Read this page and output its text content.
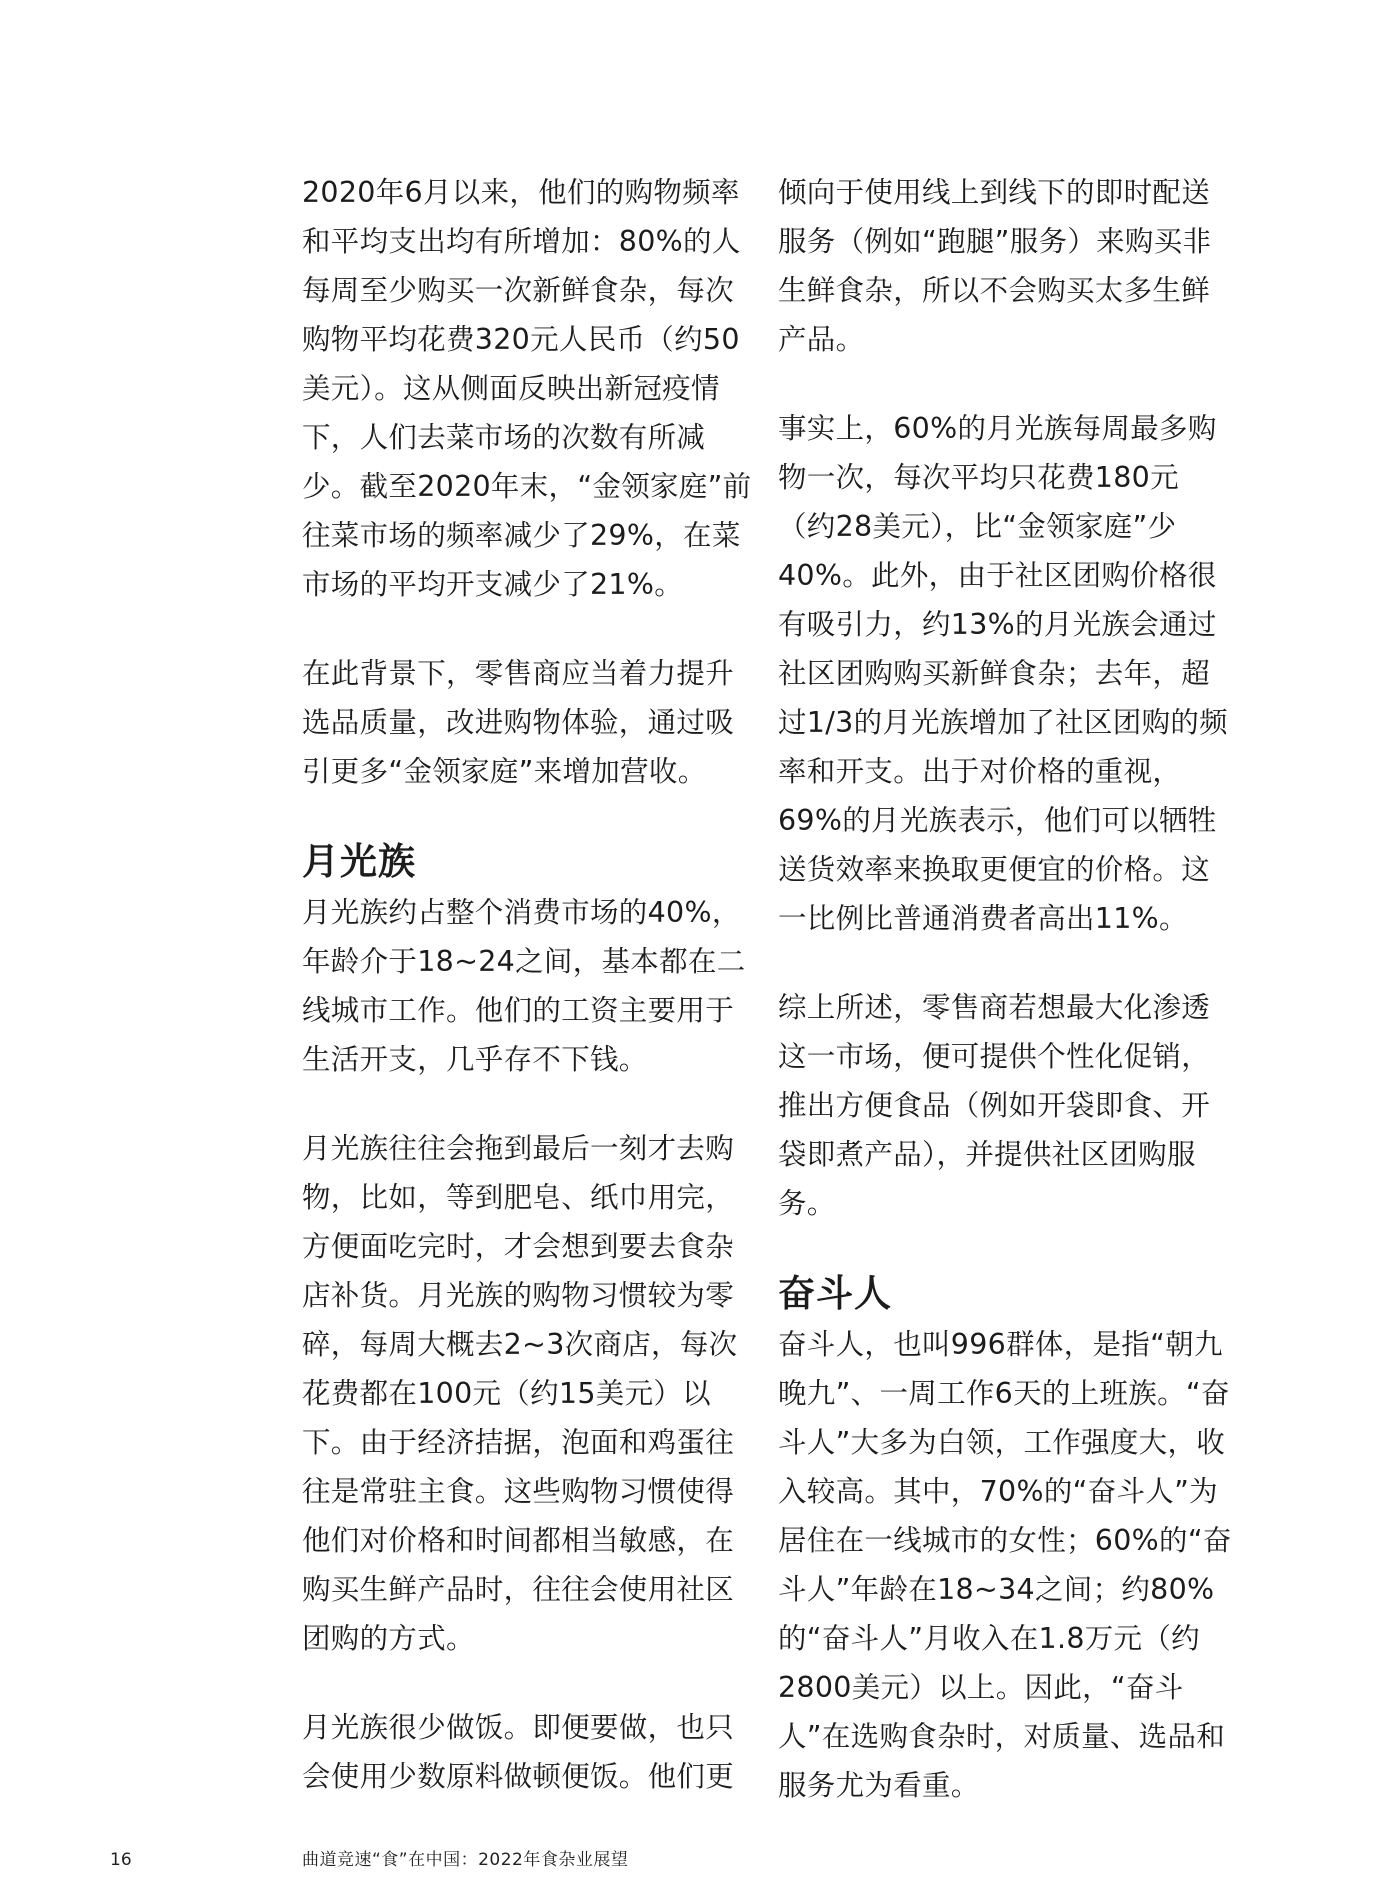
2020年6月以来，他们的购物频率和平均支出均有所增加：80%的人每周至少购买一次新鲜食杂，每次购物平均花费320元人民币（约50美元）。这从侧面反映出新冠疫情下，人们去菜市场的次数有所减少。截至2020年末，“金领家庭”前往菜市场的频率减少了29%，在菜市场的平均开支减少了21%。

在此背景下，零售商应当着力提升选品质量，改进购物体验，通过吸引更多“金领家庭”来增加营收。

月光族

月光族约占整个消费市场的40%，年龄介于18~24之间，基本都在二线城市工作。他们的工资主要用于生活开支，几乎存不下钱。

月光族往往会拖到最后一刻才去购物，比如，等到肥皂、纸巾用完，方便面吃完时，才会想到要去食杂店补货。月光族的购物习惯较为零碎，每周大概去2~3次商店，每次花费都在100元（约15美元）以下。由于经济拮据，泡面和鸡蛋往往是常驻主食。这些购物习惯使得他们对价格和时间都相当敏感，在购买生鲜产品时，往往会使用社区团购的方式。

月光族很少做饭。即便要做，也只会使用少数原料做顿便饭。他们更

倾向于使用线上到线下的即时配送服务（例如“跑腿”服务）来购买非生鲜食杂，所以不会购买太多生鲜产品。

事实上，60%的月光族每周最多购物一次，每次平均只花费180元（约28美元），比“金领家庭”少40%。此外，由于社区团购价格很有吸引力，约13%的月光族会通过社区团购购买新鲜食杂；去年，超过1/3的月光族增加了社区团购的频率和开支。出于对价格的重视，69%的月光族表示，他们可以牺牲送货效率来换取更便宜的价格。这一比例比普通消费者高出11%。

综上所述，零售商若想最大化渗透这一市场，便可提供个性化促销，推出方便食品（例如开袋即食、开袋即煮产品），并提供社区团购服务。

奋斗人

奋斗人，也叫996群体，是指“朝九晚九”、一周工作6天的上班族。“奋斗人”大多为白领，工作强度大，收入较高。其中，70%的“奋斗人”为居住在一线城市的女性；60%的“奋斗人”年龄在18~34之间；约80%的“奋斗人”月收入在1.8万元（约2800美元）以上。因此，“奋斗人”在选购食杂时，对质量、选品和服务尤为看重。

16	曲道竞速“食”在中国：2022年食杂业展望
